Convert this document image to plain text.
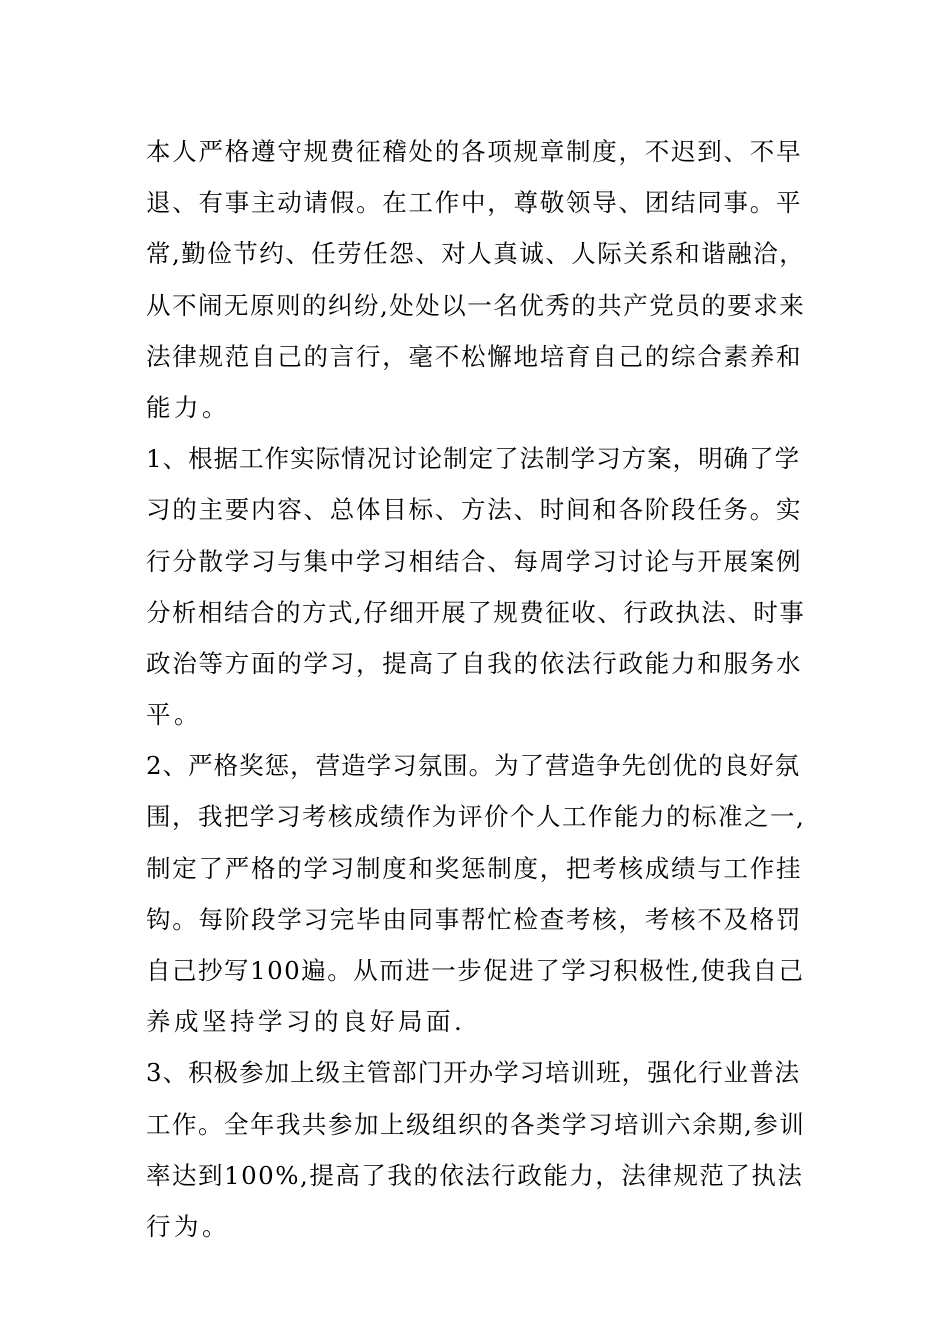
本人严格遵守规费征稽处的各项规章制度，不迟到、不早
退、有事主动请假。在工作中，尊敬领导、团结同事。平
常,勤俭节约、任劳任怨、对人真诚、人际关系和谐融洽，
从不闹无原则的纠纷,处处以一名优秀的共产党员的要求来
法律规范自己的言行，毫不松懈地培育自己的综合素养和
能力。
1、根据工作实际情况讨论制定了法制学习方案，明确了学
习的主要内容、总体目标、方法、时间和各阶段任务。实
行分散学习与集中学习相结合、每周学习讨论与开展案例
分析相结合的方式,仔细开展了规费征收、行政执法、时事
政治等方面的学习，提高了自我的依法行政能力和服务水
平。
2、严格奖惩，营造学习氛围。为了营造争先创优的良好氛
围，我把学习考核成绩作为评价个人工作能力的标准之一,
制定了严格的学习制度和奖惩制度，把考核成绩与工作挂
钩。每阶段学习完毕由同事帮忙检查考核，考核不及格罚
自己抄写100遍。从而进一步促进了学习积极性,使我自己
养成坚持学习的良好局面.
3、积极参加上级主管部门开办学习培训班，强化行业普法
工作。全年我共参加上级组织的各类学习培训六余期,参训
率达到100%,提高了我的依法行政能力，法律规范了执法
行为。
